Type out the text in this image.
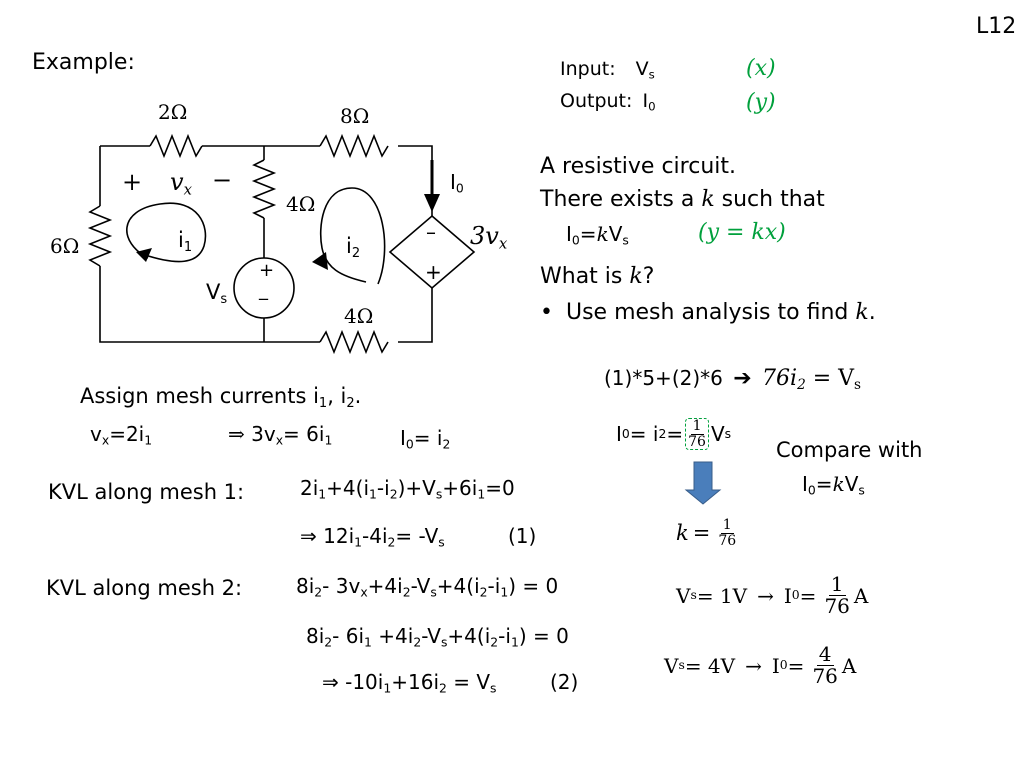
L12
Example:	Input: $V_s$	(x)
Output: $I_0$	(y)
2Ω	8Ω
4Ω
6Ω
4Ω
+ $v_x$ −
$i_1$	$i_2$
$V_s$
+
_
–
+
$3v_x$
$I_0$
A resistive circuit.
There exists a k such that
$I_0=kV_s$	(y = kx)
What is k?
• Use mesh analysis to find k.
Assign mesh currents $i_1$, $i_2$.
$v_x=2i_1$	⇒ $3v_x= 6i_1$	$I_0= i_2$
KVL along mesh 1:	$2i_1+4(i_1-i_2)+V_s+6i_1=0$
⇒ $12i_1-4i_2= -V_s$	(1)
KVL along mesh 2:	$8i_2-$ $3v_x+4i_2-V_s+4(i_2-i_1) = 0$
$8i_2-$ $6i_1 +4i_2-V_s+4(i_2-i_1) = 0$
⇒ $-10i_1+16i_2 = V_s$	(2)
(1)*5+(2)*6 ➔ $76i_2 = V_s$
I 0 = i $2 = \frac{1}{76}$ V s
Compare with
$I_0=kV_s$
$k = \frac{1}{76}$
V s = 1V → I $0 = \frac{1}{76}$ A
V s = 4V → I $0 = \frac{4}{76}$ A
